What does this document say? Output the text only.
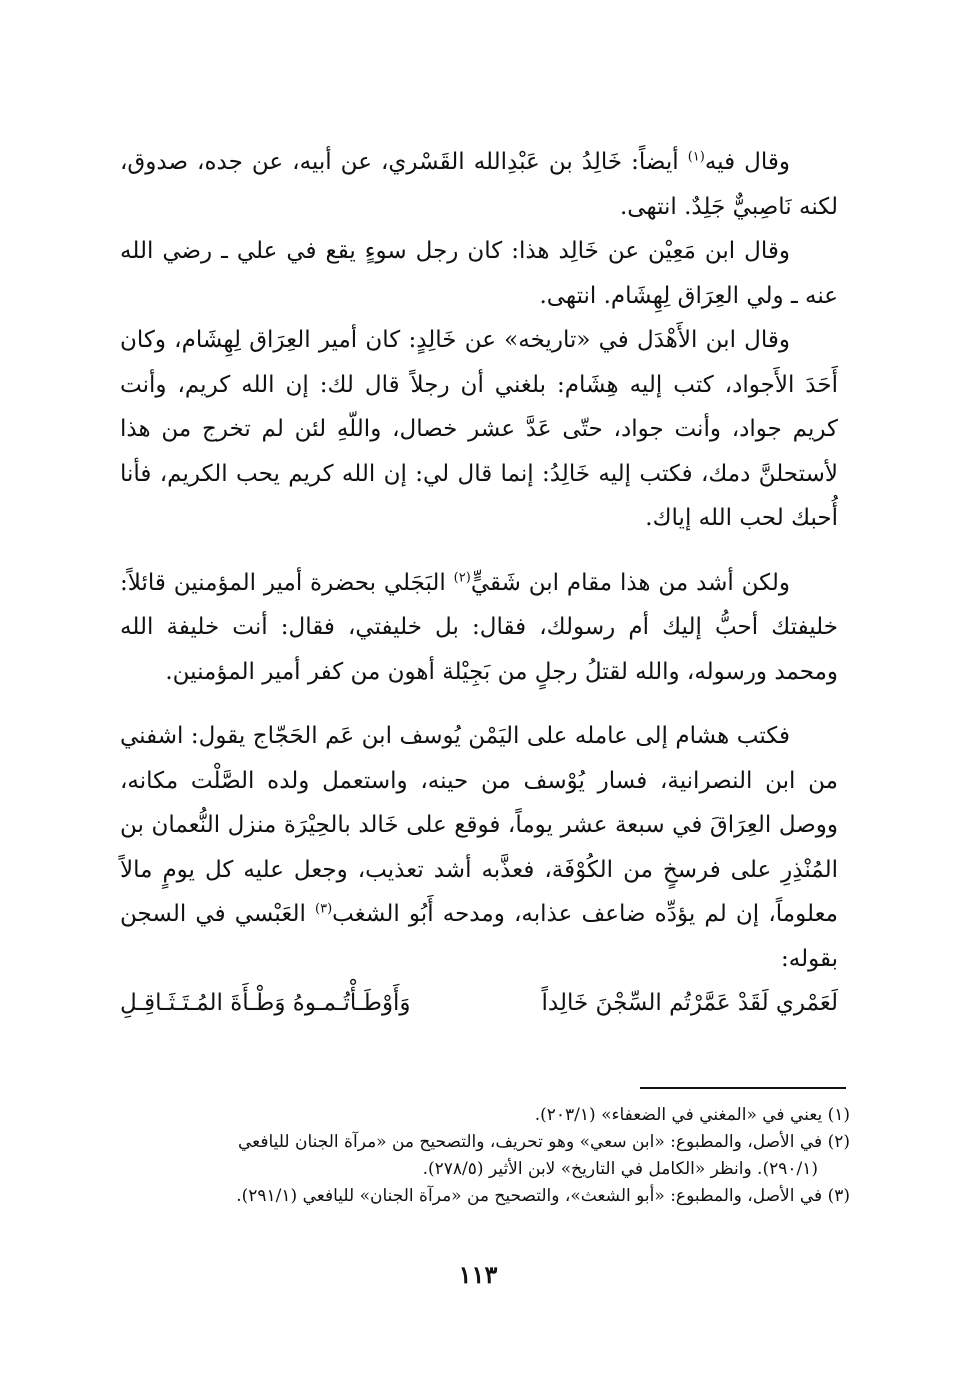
وقال فيه$^{(١)}$ أيضاً: خَالِدُ بن عَبْدِالله القَسْري، عن أبيه، عن جده، صدوق، لكنه نَاصِبيٌّ جَلِدٌ. انتهى.

وقال ابن مَعِيْن عن خَالِد هذا: كان رجل سوءٍ يقع في علي ـ رضي الله عنه ـ ولي العِرَاق لِهِشَام. انتهى.

وقال ابن الأَهْدَل في «تاريخه» عن خَالِدٍ: كان أمير العِرَاق لِهِشَام، وكان أَحَدَ الأَجواد، كتب إليه هِشَام: بلغني أن رجلاً قال لك: إن الله كريم، وأنت كريم جواد، وأنت جواد، حتّى عَدَّ عشر خصال، واللّهِ لئن لم تخرج من هذا لأستحلنَّ دمك، فكتب إليه خَالِدُ: إنما قال لي: إن الله كريم يحب الكريم، فأنا أُحبك لحب الله إياك.

ولكن أشد من هذا مقام ابن شَقيٍّ$^{(٢)}$ البَجَلي بحضرة أمير المؤمنين قائلاً: خليفتك أحبُّ إليك أم رسولك، فقال: بل خليفتي، فقال: أنت خليفة الله ومحمد ورسوله، والله لقتلُ رجلٍ من بَجِيْلة أهون من كفر أمير المؤمنين.

فكتب هشام إلى عامله على اليَمْن يُوسف ابن عَم الحَجّاج يقول: اشفني من ابن النصرانية، فسار يُوْسف من حينه، واستعمل ولده الصَّلْت مكانه، ووصل العِرَاقَ في سبعة عشر يوماً، فوقع على خَالد بالحِيْرَة منزل النُّعمان بن المُنْذِرِ على فرسخٍ من الكُوْفَة، فعذَّبه أشد تعذيب، وجعل عليه كل يومٍ مالاً معلوماً، إن لم يؤدِّه ضاعف عذابه، ومدحه أَبُو الشغب$^{(٣)}$ العَبْسي في السجن بقوله:

لَعَمْري لَقَدْ عَمَّرْتُم السِّجْنَ خَالِداً
وَأَوْطَـأْتُـمـوهُ وَطْـأَةَ المُـتَـثَـاقِـلِ

(١) يعني في «المغني في الضعفاء» (٢٠٣/١).

(٢) في الأصل، والمطبوع: «ابن سعي» وهو تحريف، والتصحيح من «مرآة الجنان لليافعي
(٢٩٠/١). وانظر «الكامل في التاريخ» لابن الأثير (٢٧٨/٥).

(٣) في الأصل، والمطبوع: «أبو الشعث»، والتصحيح من «مرآة الجنان» لليافعي (٢٩١/١).

١١٣
